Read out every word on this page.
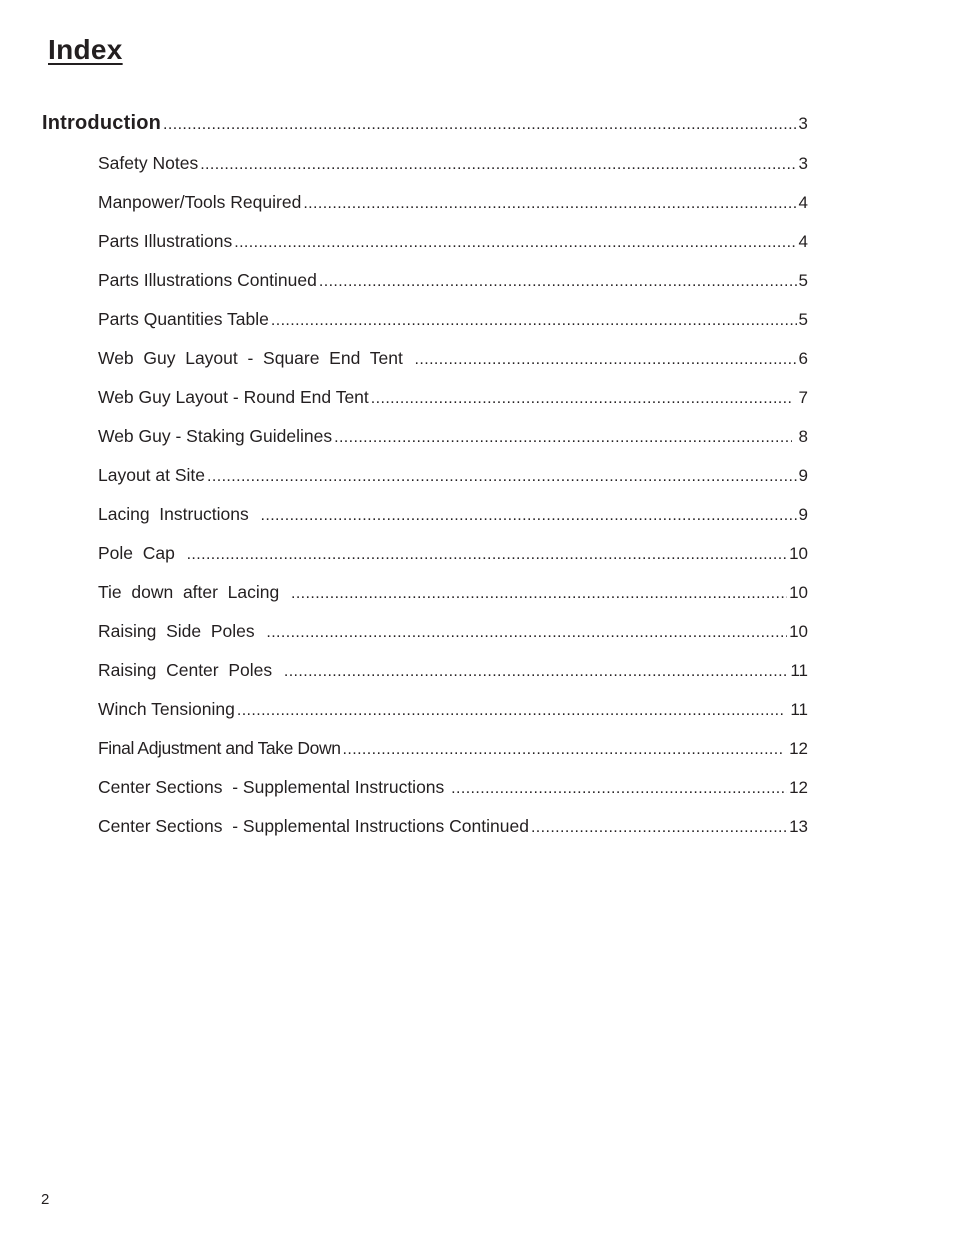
Index
Introduction .....	3
Safety Notes .....	3
Manpower/Tools Required .....	4
Parts Illustrations .....	4
Parts Illustrations Continued .....	5
Parts Quantities Table .....	5
Web  Guy  Layout  -  Square  End  Tent .....	6
Web Guy Layout - Round End Tent .....	7
Web Guy - Staking Guidelines .....	8
Layout at Site .....	9
Lacing  Instructions .....	9
Pole  Cap .....	10
Tie  down  after  Lacing .....	10
Raising  Side  Poles .....	10
Raising  Center  Poles .....	11
Winch Tensioning .....	11
Final Adjustment and Take Down .....	12
Center Sections  - Supplemental Instructions .....	12
Center Sections  - Supplemental Instructions Continued .....	13
2
